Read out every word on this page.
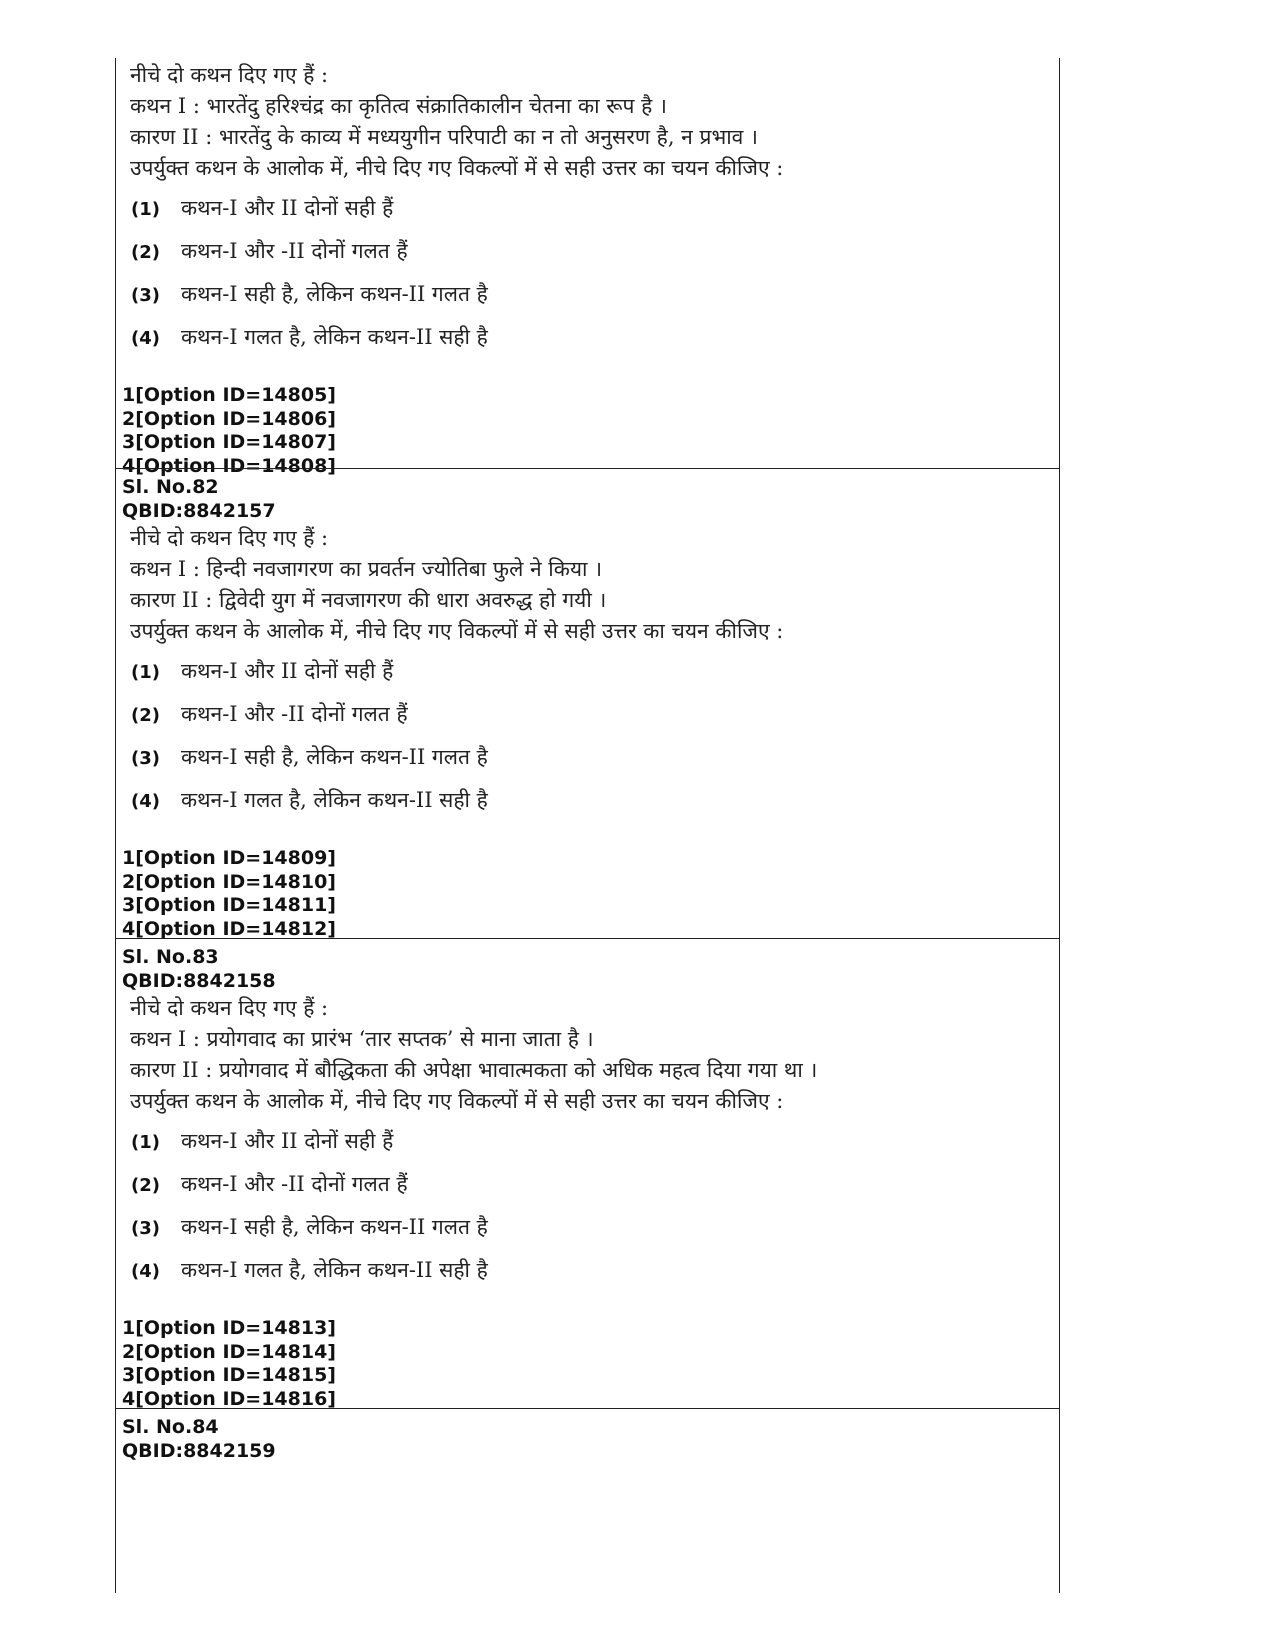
नीचे दो कथन दिए गए हैं :

कथन I : भारतेंदु हरिश्चंद्र का कृतित्व संक्रातिकालीन चेतना का रूप है ।

कारण II : भारतेंदु के काव्य में मध्ययुगीन परिपाटी का न तो अनुसरण है, न प्रभाव ।

उपर्युक्त कथन के आलोक में, नीचे दिए गए विकल्पों में से सही उत्तर का चयन कीजिए :

(1)	कथन-I और II दोनों सही हैं
(2)	कथन-I और -II दोनों गलत हैं
(3)	कथन-I सही है, लेकिन कथन-II गलत है
(4)	कथन-I गलत है, लेकिन कथन-II सही है

1[Option ID=14805]

2[Option ID=14806]

3[Option ID=14807]

4[Option ID=14808]

Sl. No.82

QBID:8842157

नीचे दो कथन दिए गए हैं :

कथन I : हिन्दी नवजागरण का प्रवर्तन ज्योतिबा फुले ने किया ।

कारण II : द्विवेदी युग में नवजागरण की धारा अवरुद्ध हो गयी ।

उपर्युक्त कथन के आलोक में, नीचे दिए गए विकल्पों में से सही उत्तर का चयन कीजिए :

(1)	कथन-I और II दोनों सही हैं
(2)	कथन-I और -II दोनों गलत हैं
(3)	कथन-I सही है, लेकिन कथन-II गलत है
(4)	कथन-I गलत है, लेकिन कथन-II सही है

1[Option ID=14809]

2[Option ID=14810]

3[Option ID=14811]

4[Option ID=14812]

Sl. No.83

QBID:8842158

नीचे दो कथन दिए गए हैं :

कथन I : प्रयोगवाद का प्रारंभ ‘तार सप्तक’ से माना जाता है ।

कारण II : प्रयोगवाद में बौद्धिकता की अपेक्षा भावात्मकता को अधिक महत्व दिया गया था ।

उपर्युक्त कथन के आलोक में, नीचे दिए गए विकल्पों में से सही उत्तर का चयन कीजिए :

(1)	कथन-I और II दोनों सही हैं
(2)	कथन-I और -II दोनों गलत हैं
(3)	कथन-I सही है, लेकिन कथन-II गलत है
(4)	कथन-I गलत है, लेकिन कथन-II सही है

1[Option ID=14813]

2[Option ID=14814]

3[Option ID=14815]

4[Option ID=14816]

Sl. No.84

QBID:8842159
